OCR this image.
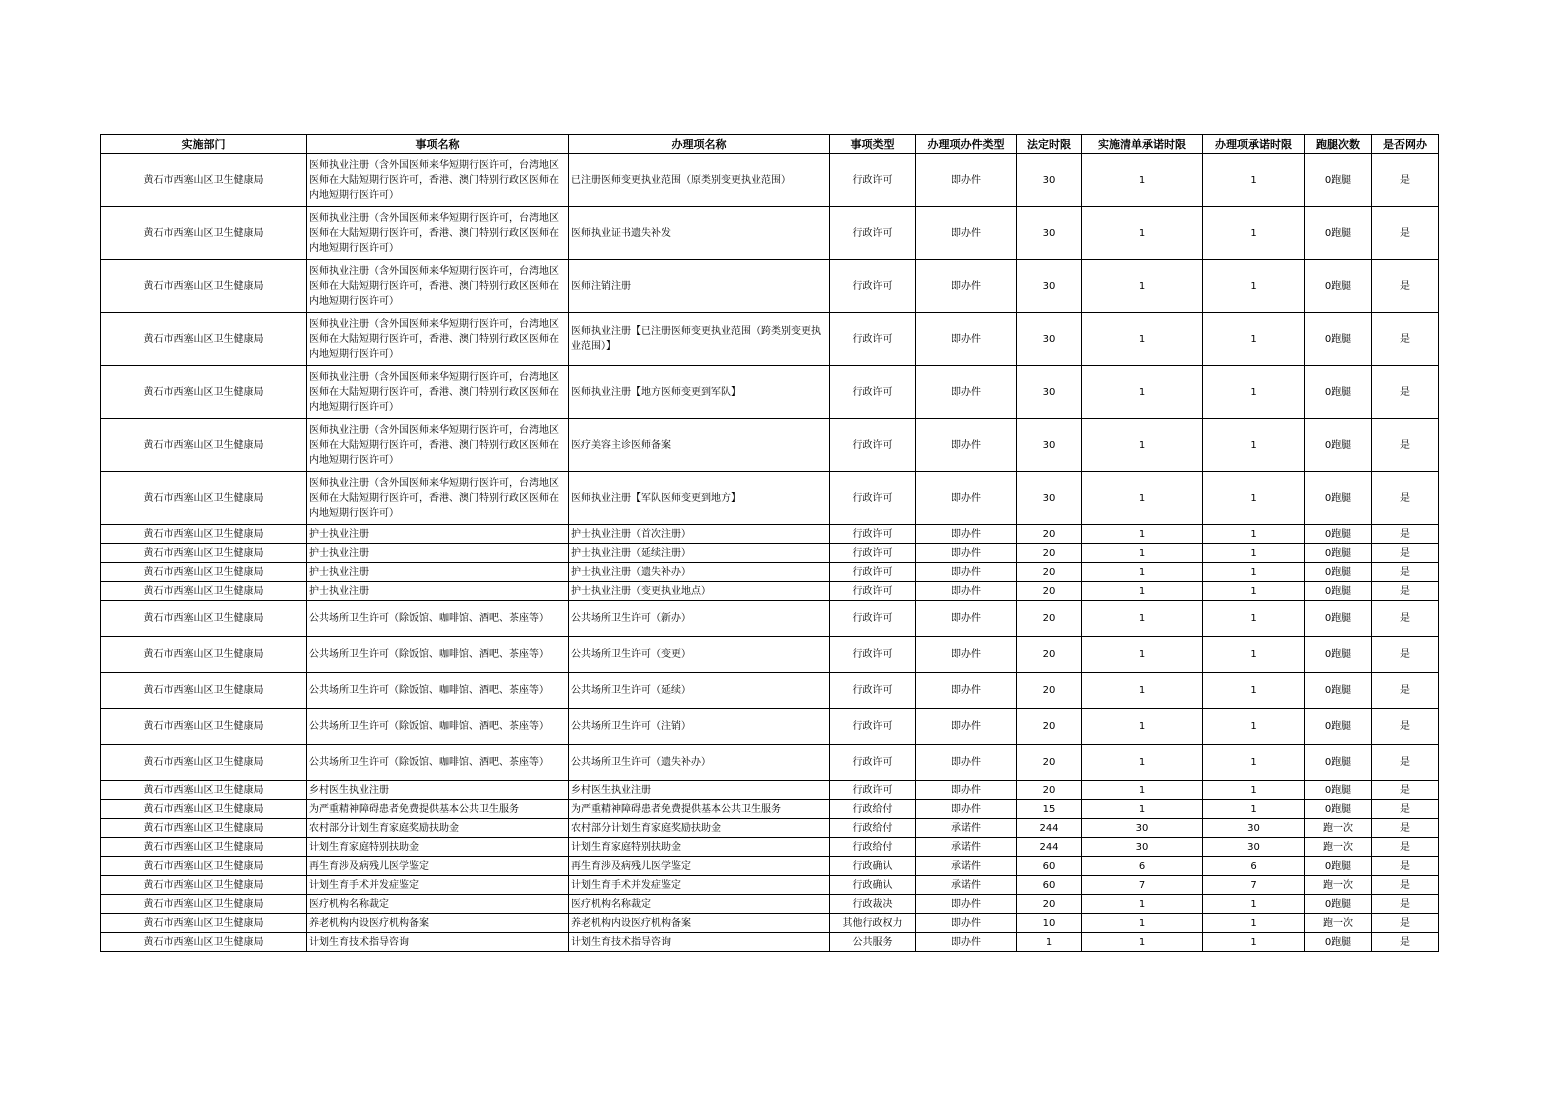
实施部门	事项名称	办理项名称	事项类型	办理项办件类型	法定时限	实施清单承诺时限	办理项承诺时限	跑腿次数	是否网办
黄石市西塞山区卫生健康局	医师执业注册（含外国医师来华短期行医许可，台湾地区医师在大陆短期行医许可，香港、澳门特别行政区医师在内地短期行医许可）	已注册医师变更执业范围（原类别变更执业范围）	行政许可	即办件	30	1	1	0跑腿	是
黄石市西塞山区卫生健康局	医师执业注册（含外国医师来华短期行医许可，台湾地区医师在大陆短期行医许可，香港、澳门特别行政区医师在内地短期行医许可）	医师执业证书遗失补发	行政许可	即办件	30	1	1	0跑腿	是
黄石市西塞山区卫生健康局	医师执业注册（含外国医师来华短期行医许可，台湾地区医师在大陆短期行医许可，香港、澳门特别行政区医师在内地短期行医许可）	医师注销注册	行政许可	即办件	30	1	1	0跑腿	是
黄石市西塞山区卫生健康局	医师执业注册（含外国医师来华短期行医许可，台湾地区医师在大陆短期行医许可，香港、澳门特别行政区医师在内地短期行医许可）	医师执业注册【已注册医师变更执业范围（跨类别变更执业范围）】	行政许可	即办件	30	1	1	0跑腿	是
黄石市西塞山区卫生健康局	医师执业注册（含外国医师来华短期行医许可，台湾地区医师在大陆短期行医许可，香港、澳门特别行政区医师在内地短期行医许可）	医师执业注册【地方医师变更到军队】	行政许可	即办件	30	1	1	0跑腿	是
黄石市西塞山区卫生健康局	医师执业注册（含外国医师来华短期行医许可，台湾地区医师在大陆短期行医许可，香港、澳门特别行政区医师在内地短期行医许可）	医疗美容主诊医师备案	行政许可	即办件	30	1	1	0跑腿	是
黄石市西塞山区卫生健康局	医师执业注册（含外国医师来华短期行医许可，台湾地区医师在大陆短期行医许可，香港、澳门特别行政区医师在内地短期行医许可）	医师执业注册【军队医师变更到地方】	行政许可	即办件	30	1	1	0跑腿	是
黄石市西塞山区卫生健康局	护士执业注册	护士执业注册（首次注册）	行政许可	即办件	20	1	1	0跑腿	是
黄石市西塞山区卫生健康局	护士执业注册	护士执业注册（延续注册）	行政许可	即办件	20	1	1	0跑腿	是
黄石市西塞山区卫生健康局	护士执业注册	护士执业注册（遗失补办）	行政许可	即办件	20	1	1	0跑腿	是
黄石市西塞山区卫生健康局	护士执业注册	护士执业注册（变更执业地点）	行政许可	即办件	20	1	1	0跑腿	是
黄石市西塞山区卫生健康局	公共场所卫生许可（除饭馆、咖啡馆、酒吧、茶座等）	公共场所卫生许可（新办）	行政许可	即办件	20	1	1	0跑腿	是
黄石市西塞山区卫生健康局	公共场所卫生许可（除饭馆、咖啡馆、酒吧、茶座等）	公共场所卫生许可（变更）	行政许可	即办件	20	1	1	0跑腿	是
黄石市西塞山区卫生健康局	公共场所卫生许可（除饭馆、咖啡馆、酒吧、茶座等）	公共场所卫生许可（延续）	行政许可	即办件	20	1	1	0跑腿	是
黄石市西塞山区卫生健康局	公共场所卫生许可（除饭馆、咖啡馆、酒吧、茶座等）	公共场所卫生许可（注销）	行政许可	即办件	20	1	1	0跑腿	是
黄石市西塞山区卫生健康局	公共场所卫生许可（除饭馆、咖啡馆、酒吧、茶座等）	公共场所卫生许可（遗失补办）	行政许可	即办件	20	1	1	0跑腿	是
黄石市西塞山区卫生健康局	乡村医生执业注册	乡村医生执业注册	行政许可	即办件	20	1	1	0跑腿	是
黄石市西塞山区卫生健康局	为严重精神障碍患者免费提供基本公共卫生服务	为严重精神障碍患者免费提供基本公共卫生服务	行政给付	即办件	15	1	1	0跑腿	是
黄石市西塞山区卫生健康局	农村部分计划生育家庭奖励扶助金	农村部分计划生育家庭奖励扶助金	行政给付	承诺件	244	30	30	跑一次	是
黄石市西塞山区卫生健康局	计划生育家庭特别扶助金	计划生育家庭特别扶助金	行政给付	承诺件	244	30	30	跑一次	是
黄石市西塞山区卫生健康局	再生育涉及病残儿医学鉴定	再生育涉及病残儿医学鉴定	行政确认	承诺件	60	6	6	0跑腿	是
黄石市西塞山区卫生健康局	计划生育手术并发症鉴定	计划生育手术并发症鉴定	行政确认	承诺件	60	7	7	跑一次	是
黄石市西塞山区卫生健康局	医疗机构名称裁定	医疗机构名称裁定	行政裁决	即办件	20	1	1	0跑腿	是
黄石市西塞山区卫生健康局	养老机构内设医疗机构备案	养老机构内设医疗机构备案	其他行政权力	即办件	10	1	1	跑一次	是
黄石市西塞山区卫生健康局	计划生育技术指导咨询	计划生育技术指导咨询	公共服务	即办件	1	1	1	0跑腿	是
